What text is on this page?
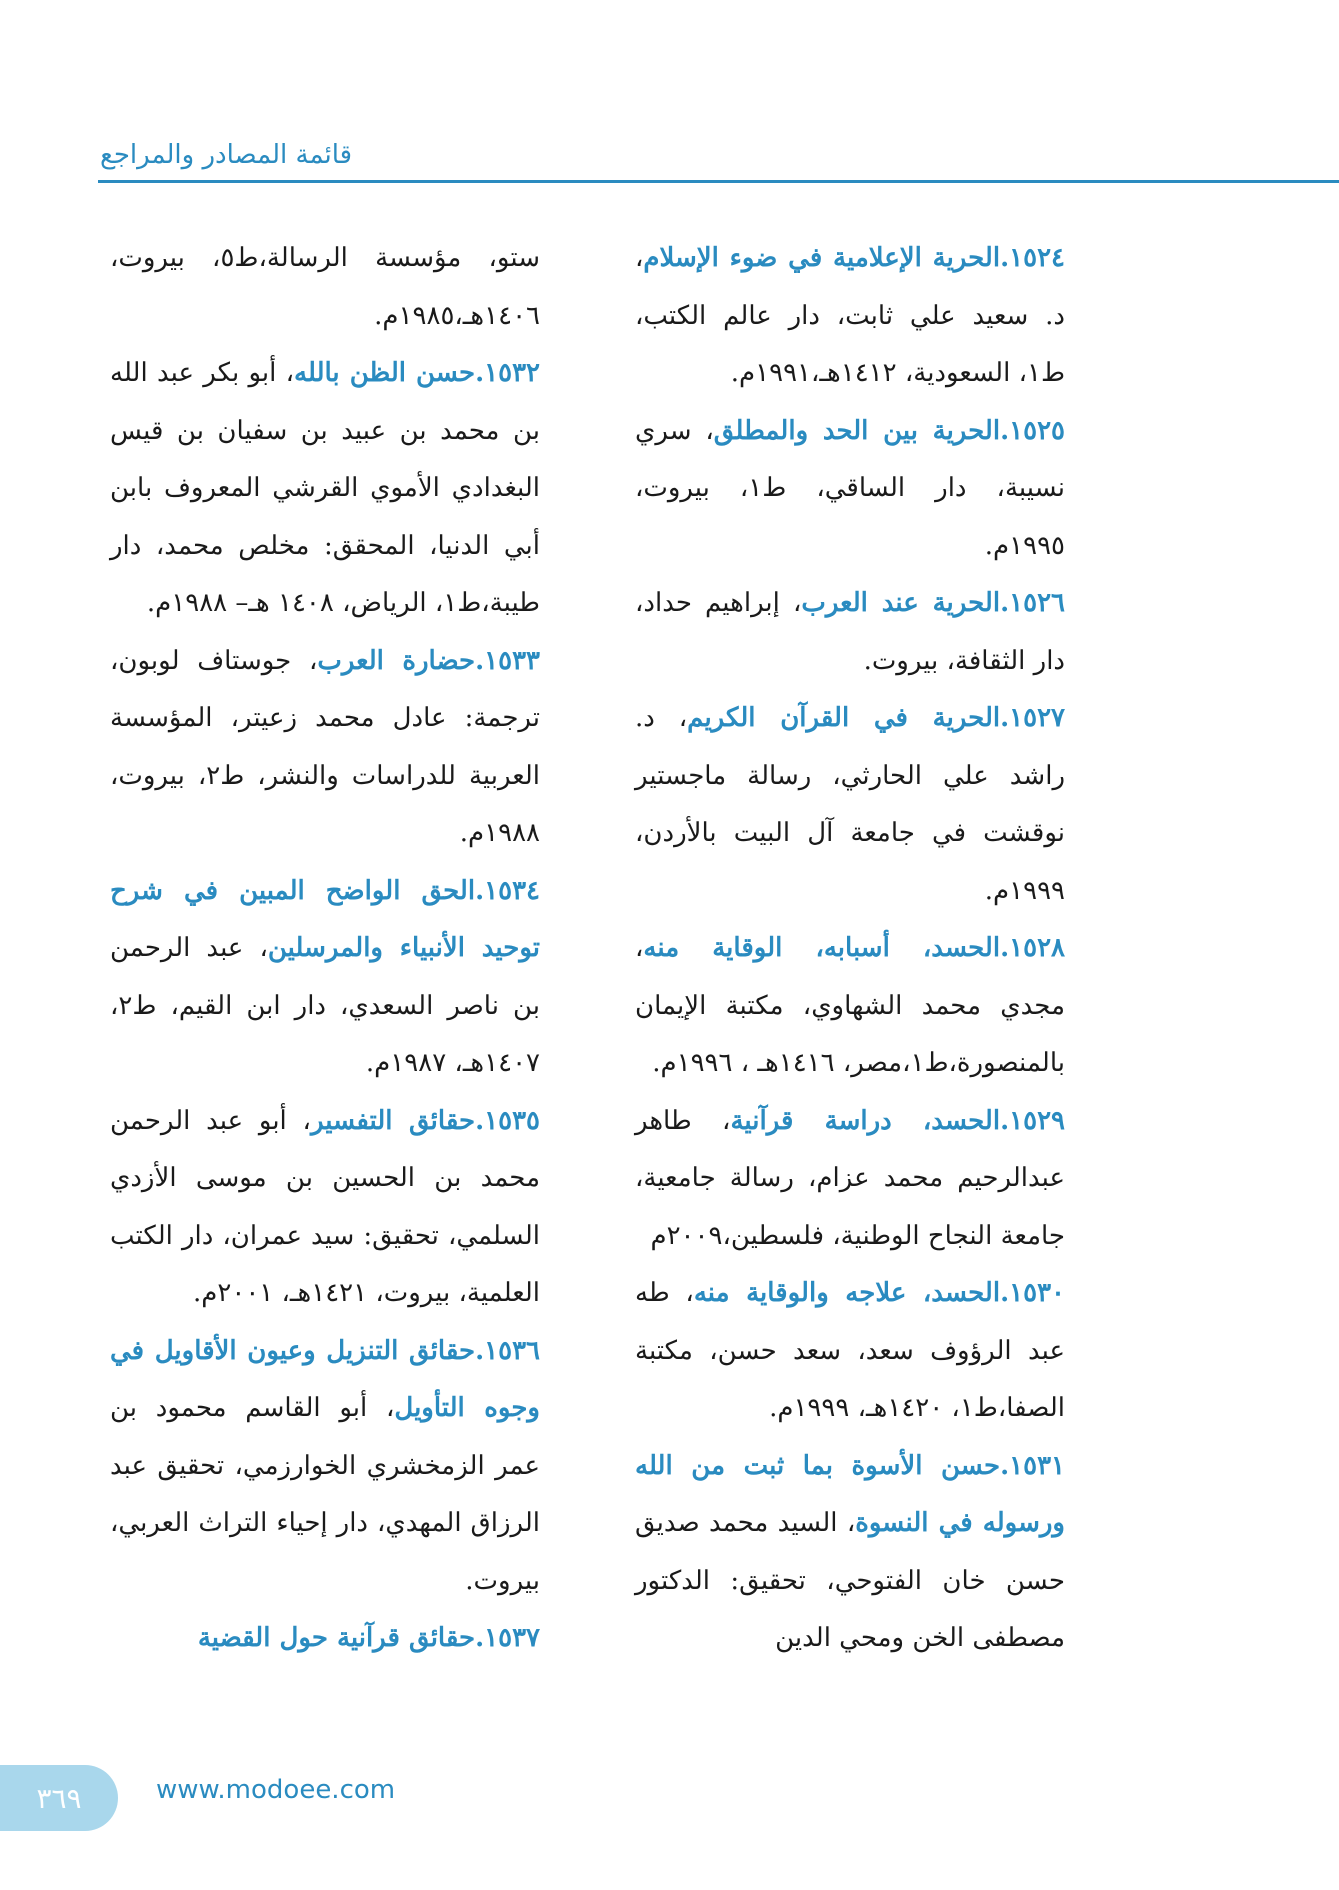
قائمة المصادر والمراجع

١٥٢٤.الحرية الإعلامية في ضوء الإسلام، د. سعيد علي ثابت، دار عالم الكتب، ط١، السعودية، ١٤١٢هـ،١٩٩١م.

١٥٢٥.الحرية بين الحد والمطلق، سري نسيبة، دار الساقي، ط١، بيروت، ١٩٩٥م.

١٥٢٦.الحرية عند العرب، إبراهيم حداد، دار الثقافة، بيروت.

١٥٢٧.الحرية في القرآن الكريم، د. راشد علي الحارثي، رسالة ماجستير نوقشت في جامعة آل البيت بالأردن، ١٩٩٩م.

١٥٢٨.الحسد، أسبابه، الوقاية منه، مجدي محمد الشهاوي، مكتبة الإيمان بالمنصورة،ط١،مصر، ١٤١٦هـ ، ١٩٩٦م.

١٥٢٩.الحسد، دراسة قرآنية، طاهر عبدالرحيم محمد عزام، رسالة جامعية، جامعة النجاح الوطنية، فلسطين،٢٠٠٩م

١٥٣٠.الحسد، علاجه والوقاية منه، طه عبد الرؤوف سعد، سعد حسن، مكتبة الصفا،ط١، ١٤٢٠هـ، ١٩٩٩م.

١٥٣١.حسن الأسوة بما ثبت من الله ورسوله في النسوة، السيد محمد صديق حسن خان الفتوحي، تحقيق: الدكتور مصطفى الخن ومحي الدين

ستو، مؤسسة الرسالة،ط٥، بيروت، ١٤٠٦هـ،١٩٨٥م.

١٥٣٢.حسن الظن بالله، أبو بكر عبد الله بن محمد بن عبيد بن سفيان بن قيس البغدادي الأموي القرشي المعروف بابن أبي الدنيا، المحقق: مخلص محمد، دار طيبة،ط١، الرياض، ١٤٠٨ هـ– ١٩٨٨م.

١٥٣٣.حضارة العرب، جوستاف لوبون، ترجمة: عادل محمد زعيتر، المؤسسة العربية للدراسات والنشر، ط٢، بيروت، ١٩٨٨م.

١٥٣٤.الحق الواضح المبين في شرح توحيد الأنبياء والمرسلين، عبد الرحمن بن ناصر السعدي، دار ابن القيم، ط٢، ١٤٠٧هـ، ١٩٨٧م.

١٥٣٥.حقائق التفسير، أبو عبد الرحمن محمد بن الحسين بن موسى الأزدي السلمي، تحقيق: سيد عمران، دار الكتب العلمية، بيروت، ١٤٢١هـ، ٢٠٠١م.

١٥٣٦.حقائق التنزيل وعيون الأقاويل في وجوه التأويل، أبو القاسم محمود بن عمر الزمخشري الخوارزمي، تحقيق عبد الرزاق المهدي، دار إحياء التراث العربي، بيروت.

١٥٣٧.حقائق قرآنية حول القضية

٣٦٩	www.modoee.com
